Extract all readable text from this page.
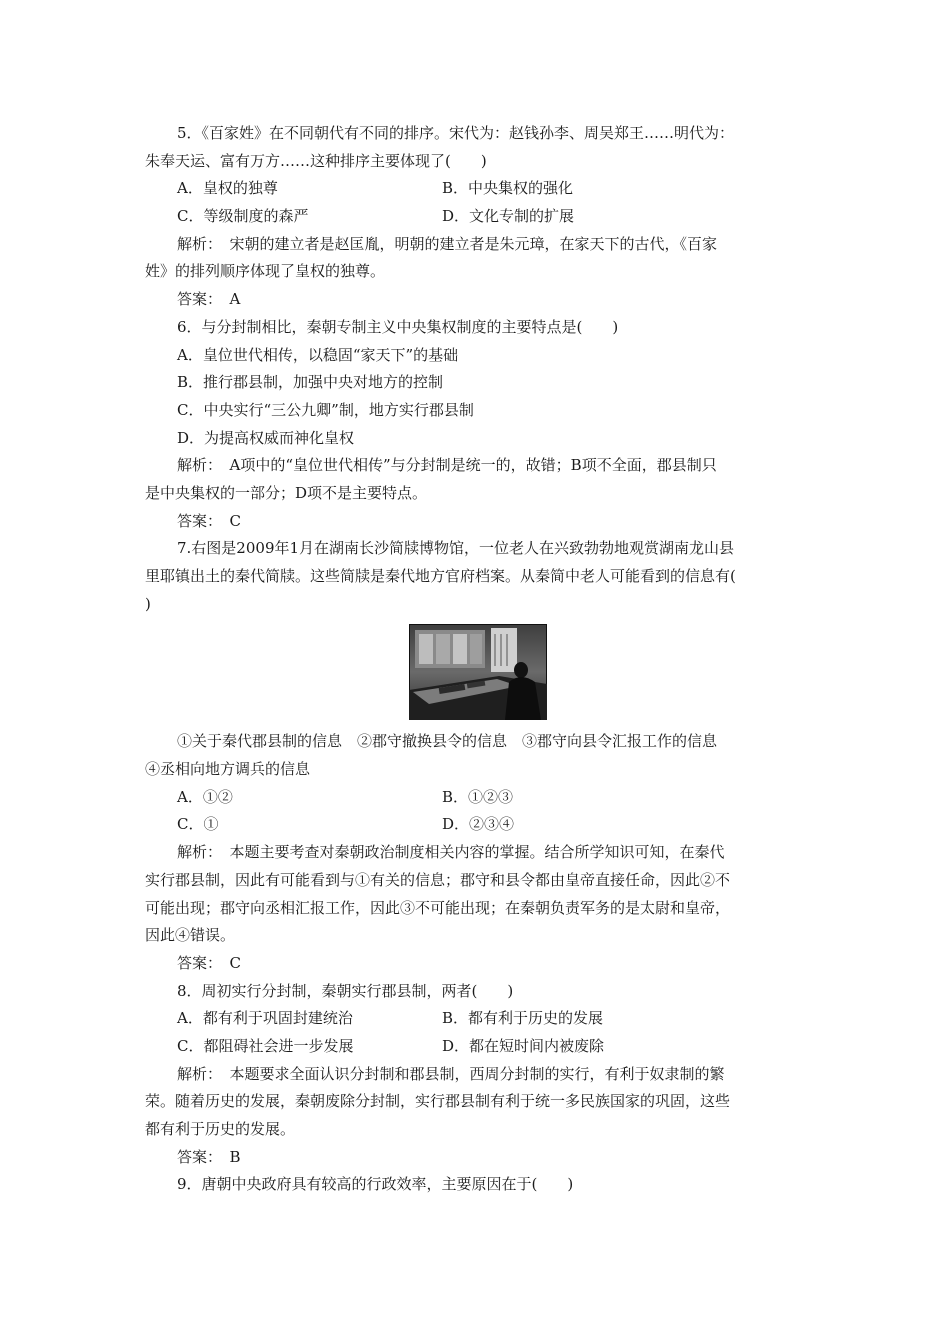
5．《百家姓》在不同朝代有不同的排序。宋代为：赵钱孙李、周吴郑王……明代为：
朱奉天运、富有万方……这种排序主要体现了(　　)
A．皇权的独尊	B．中央集权的强化
C．等级制度的森严	D．文化专制的扩展
解析：　宋朝的建立者是赵匡胤，明朝的建立者是朱元璋，在家天下的古代，《百家
姓》的排列顺序体现了皇权的独尊。
答案：　A
6．与分封制相比，秦朝专制主义中央集权制度的主要特点是(　　)
A．皇位世代相传，以稳固“家天下”的基础
B．推行郡县制，加强中央对地方的控制
C．中央实行“三公九卿”制，地方实行郡县制
D．为提高权威而神化皇权
解析：　A项中的“皇位世代相传”与分封制是统一的，故错；B项不全面，郡县制只
是中央集权的一部分；D项不是主要特点。
答案：　C
7.右图是2009年1月在湖南长沙简牍博物馆，一位老人在兴致勃勃地观赏湖南龙山县
里耶镇出土的秦代简牍。这些简牍是秦代地方官府档案。从秦简中老人可能看到的信息有(
)
①关于秦代郡县制的信息　②郡守撤换县令的信息　③郡守向县令汇报工作的信息
④丞相向地方调兵的信息
A．①②	B．①②③
C．①	D．②③④
解析：　本题主要考查对秦朝政治制度相关内容的掌握。结合所学知识可知，在秦代
实行郡县制，因此有可能看到与①有关的信息；郡守和县令都由皇帝直接任命，因此②不
可能出现；郡守向丞相汇报工作，因此③不可能出现；在秦朝负责军务的是太尉和皇帝，
因此④错误。
答案：　C
8．周初实行分封制，秦朝实行郡县制，两者(　　)
A．都有利于巩固封建统治	B．都有利于历史的发展
C．都阻碍社会进一步发展	D．都在短时间内被废除
解析：　本题要求全面认识分封制和郡县制，西周分封制的实行，有利于奴隶制的繁
荣。随着历史的发展，秦朝废除分封制，实行郡县制有利于统一多民族国家的巩固，这些
都有利于历史的发展。
答案：　B
9．唐朝中央政府具有较高的行政效率，主要原因在于(　　)
